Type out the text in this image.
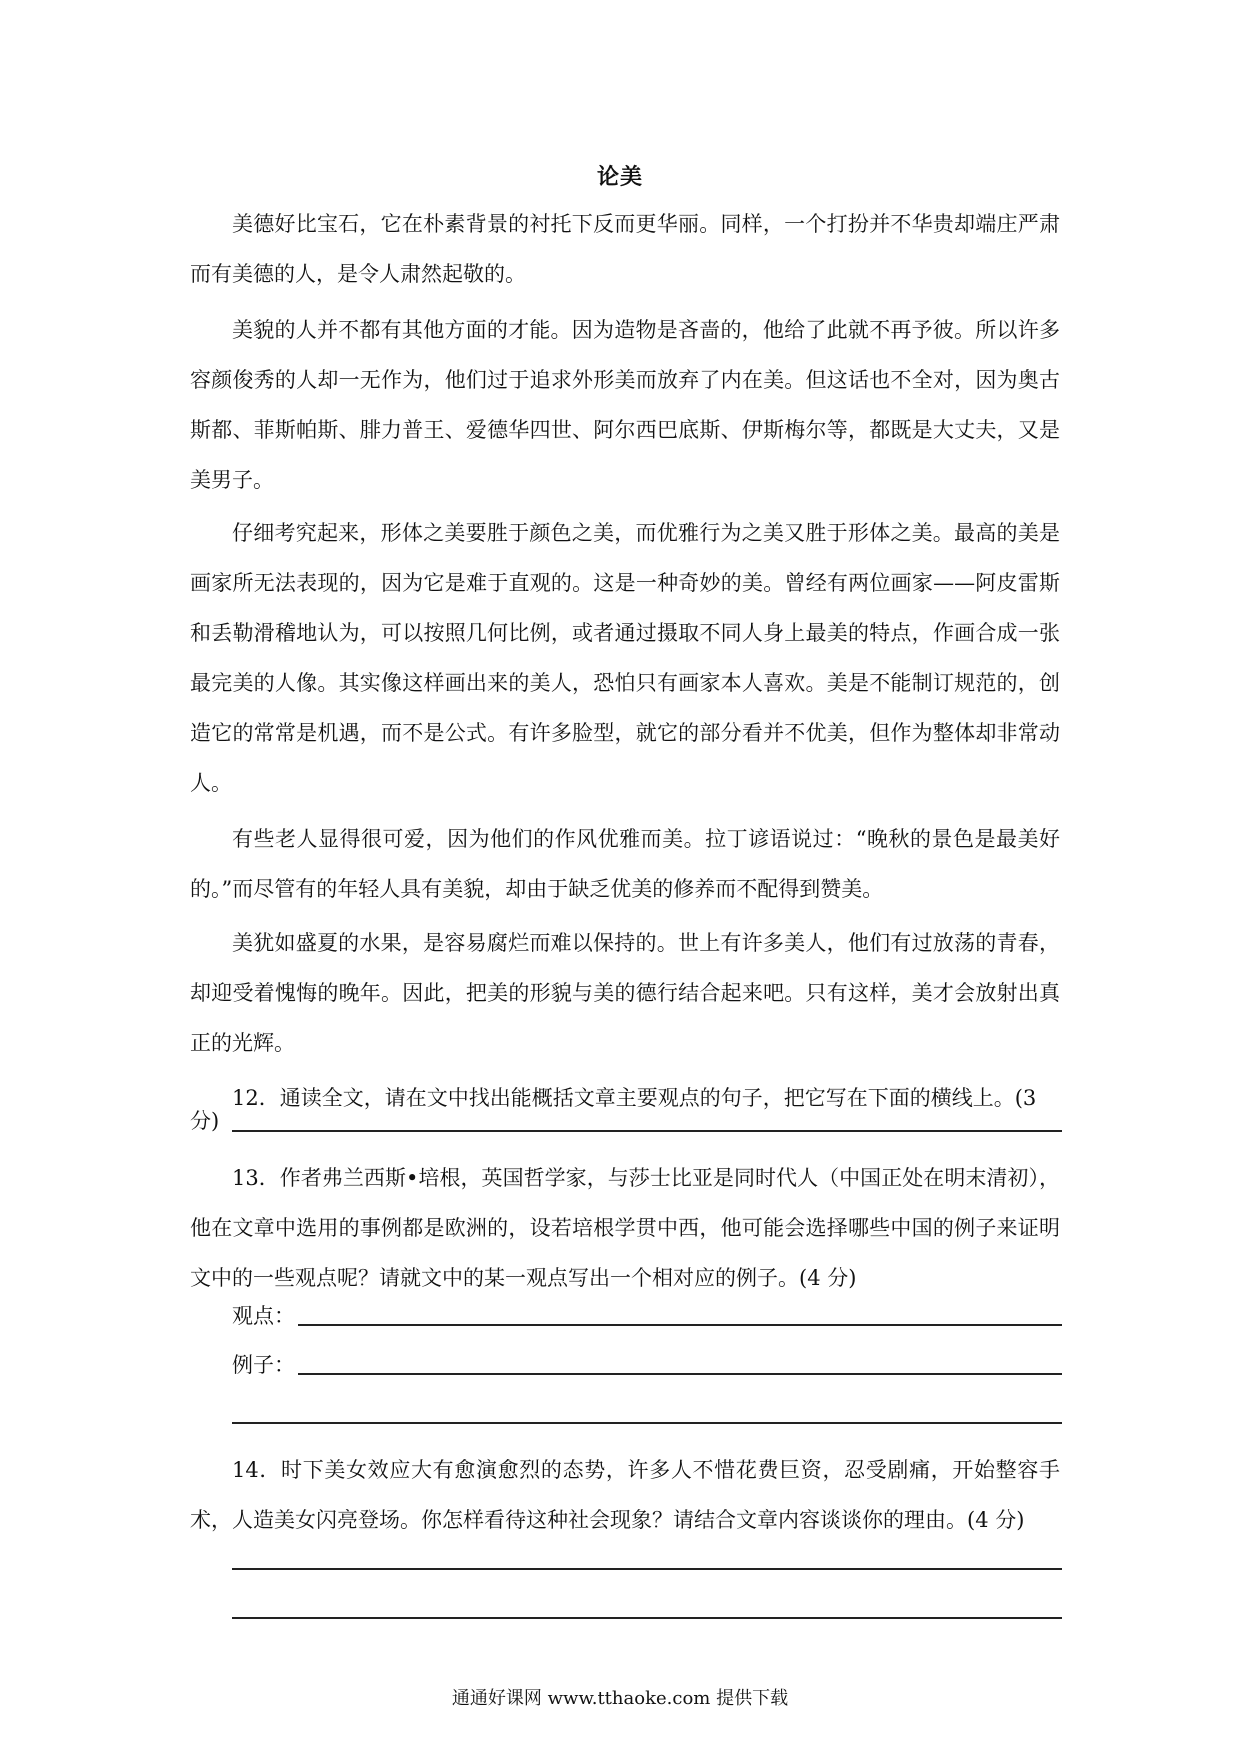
论美

美德好比宝石，它在朴素背景的衬托下反而更华丽。同样，一个打扮并不华贵却端庄严肃而有美德的人，是令人肃然起敬的。

美貌的人并不都有其他方面的才能。因为造物是吝啬的，他给了此就不再予彼。所以许多容颜俊秀的人却一无作为，他们过于追求外形美而放弃了内在美。但这话也不全对，因为奥古斯都、菲斯帕斯、腓力普王、爱德华四世、阿尔西巴底斯、伊斯梅尔等，都既是大丈夫，又是美男子。

仔细考究起来，形体之美要胜于颜色之美，而优雅行为之美又胜于形体之美。最高的美是画家所无法表现的，因为它是难于直观的。这是一种奇妙的美。曾经有两位画家——阿皮雷斯和丢勒滑稽地认为，可以按照几何比例，或者通过摄取不同人身上最美的特点，作画合成一张最完美的人像。其实像这样画出来的美人，恐怕只有画家本人喜欢。美是不能制订规范的，创造它的常常是机遇，而不是公式。有许多脸型，就它的部分看并不优美，但作为整体却非常动人。

有些老人显得很可爱，因为他们的作风优雅而美。拉丁谚语说过：“晚秋的景色是最美好的。”而尽管有的年轻人具有美貌，却由于缺乏优美的修养而不配得到赞美。

美犹如盛夏的水果，是容易腐烂而难以保持的。世上有许多美人，他们有过放荡的青春，却迎受着愧悔的晚年。因此，把美的形貌与美的德行结合起来吧。只有这样，美才会放射出真正的光辉。

12．通读全文，请在文中找出能概括文章主要观点的句子，把它写在下面的横线上。(3

分)

13．作者弗兰西斯•培根，英国哲学家，与莎士比亚是同时代人（中国正处在明末清初），他在文章中选用的事例都是欧洲的，设若培根学贯中西，他可能会选择哪些中国的例子来证明文中的一些观点呢？请就文中的某一观点写出一个相对应的例子。(4 分)

观点：
例子：

14．时下美女效应大有愈演愈烈的态势，许多人不惜花费巨资，忍受剧痛，开始整容手术，人造美女闪亮登场。你怎样看待这种社会现象？请结合文章内容谈谈你的理由。(4 分)

通通好课网 www.tthaoke.com 提供下载
